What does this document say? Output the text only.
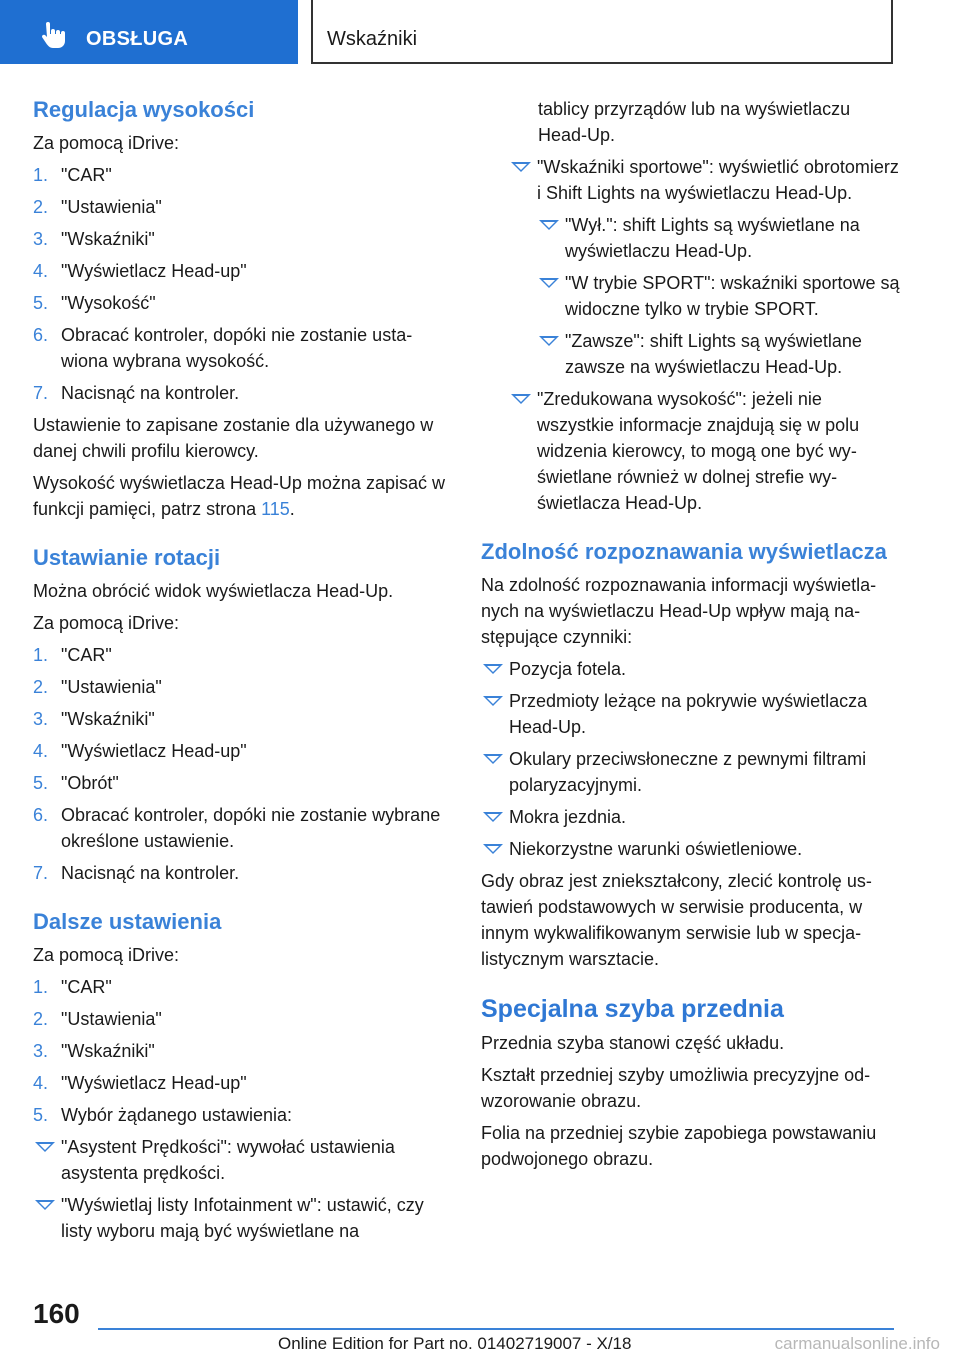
OBSŁUGA	Wskaźniki
Regulacja wysokości
Za pomocą iDrive:
1. "CAR"
2. "Ustawienia"
3. "Wskaźniki"
4. "Wyświetlacz Head-up"
5. "Wysokość"
6. Obracać kontroler, dopóki nie zostanie ustawiona wybrana wysokość.
7. Nacisnąć na kontroler.
Ustawienie to zapisane zostanie dla używanego w danej chwili profilu kierowcy.
Wysokość wyświetlacza Head-Up można zapisać w funkcji pamięci, patrz strona 115.
Ustawianie rotacji
Można obrócić widok wyświetlacza Head-Up.
Za pomocą iDrive:
1. "CAR"
2. "Ustawienia"
3. "Wskaźniki"
4. "Wyświetlacz Head-up"
5. "Obrót"
6. Obracać kontroler, dopóki nie zostanie wybrane określone ustawienie.
7. Nacisnąć na kontroler.
Dalsze ustawienia
Za pomocą iDrive:
1. "CAR"
2. "Ustawienia"
3. "Wskaźniki"
4. "Wyświetlacz Head-up"
5. Wybór żądanego ustawienia:
"Asystent Prędkości": wywołać ustawienia asystenta prędkości.
"Wyświetlaj listy Infotainment w": ustawić, czy listy wyboru mają być wyświetlane na
tablicy przyrządów lub na wyświetlaczu Head-Up.
"Wskaźniki sportowe": wyświetlić obrotomierz i Shift Lights na wyświetlaczu Head-Up.
"Wył.": shift Lights są wyświetlane na wyświetlaczu Head-Up.
"W trybie SPORT": wskaźniki sportowe są widoczne tylko w trybie SPORT.
"Zawsze": shift Lights są wyświetlane zawsze na wyświetlaczu Head-Up.
"Zredukowana wysokość": jeżeli nie wszystkie informacje znajdują się w polu widzenia kierowcy, to mogą one być wyświetlane również w dolnej strefie wyświetlacza Head-Up.
Zdolność rozpoznawania wyświetlacza
Na zdolność rozpoznawania informacji wyświetlanych na wyświetlaczu Head-Up wpływ mają następujące czynniki:
Pozycja fotela.
Przedmioty leżące na pokrywie wyświetlacza Head-Up.
Okulary przeciwsłoneczne z pewnymi filtrami polaryzacyjnymi.
Mokra jezdnia.
Niekorzystne warunki oświetleniowe.
Gdy obraz jest zniekształcony, zlecić kontrolę ustawień podstawowych w serwisie producenta, w innym wykwalifikowanym serwisie lub w specjalistycznym warsztacie.
Specjalna szyba przednia
Przednia szyba stanowi część układu.
Kształt przedniej szyby umożliwia precyzyjne odwzorowanie obrazu.
Folia na przedniej szybie zapobiega powstawaniu podwojonego obrazu.
160
Online Edition for Part no. 01402719007 - X/18	carmanualsonline.info
